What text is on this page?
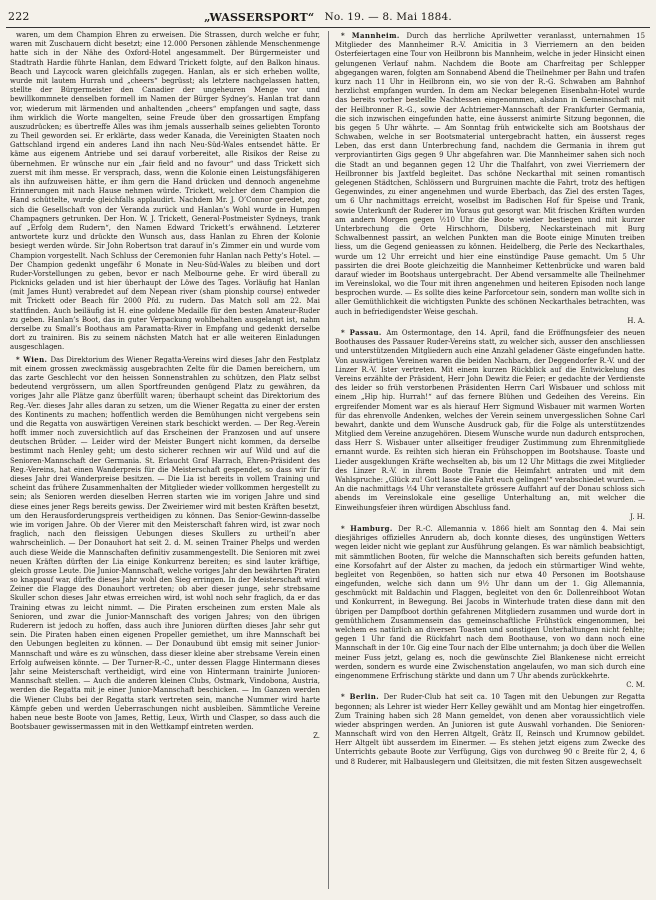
222	„WASSERSPORT“ No. 19. — 8. Mai 1884.

waren, um dem Champion Ehren zu erweisen. Die Strassen, durch welche er fuhr, waren mit Zuschauern dicht besetzt; eine 12.000 Personen zählende Menschenmenge hatte sich in der Nähe des Oxford-Hotel angesammelt. Der Bürgermeister und Stadtrath Hardie führte Hanlan, dem Edward Trickett folgte, auf den Balkon hinaus. Beach und Laycock waren gleichfalls zugegen. Hanlan, als er sich erheben wollte, wurde mit lautem Hurrah und „cheers“ begrüsst; als letztere nachgelassen hatten, stellte der Bürgermeister den Canadier der ungeheuren Menge vor und bewillkommnete denselben formell im Namen der Bürger Sydney’s. Hanlan trat dann vor, wiederum mit lärmenden und anhaltenden „cheers“ empfangen und sagte, dass ihm wirklich die Worte mangelten, seine Freude über den grossartigen Empfang auszudrücken; es übertreffe Alles was ihm jemals ausserhalb seines geliebten Toronto zu Theil geworden sei. Er erklärte, dass weder Kanada, die Vereinigten Staaten noch Gattschland irgend ein anderes Land ihn nach Neu-Süd-Wales entsendet hätte. Er käme aus eigenem Antriebe und sei darauf vorbereitet, alle Risikos der Reise zu übernehmen. Er wünsche nur ein „fair field and no favour“ und dass Trickett sich zuerst mit ihm messe. Er versprach, dass, wenn die Kolonie einen Leistungsfähigeren als ihn aufzuweisen hätte, er ihm gern die Hand drücken und dennoch angenehme Erinnerungen mit nach Hause nehmen würde. Trickett, welcher dem Champion die Hand schüttelte, wurde gleichfalls applaudirt. Nachdem Mr. J. O’Connor geredet, zog sich die Gesellschaft von der Veranda zurück und Hanlan’s Wohl wurde in Humpen Champagners getrunken. Der Hon. W. J. Trickett, General-Postmeister Sydneys, trank auf „Erfolg dem Rudern“, den Namen Edward Trickett’s erwähnend. Letzterer antwortete kurz und drückte den Wunsch aus, dass Hanlan zu Ehren der Kolonie besiegt werden würde. Sir John Robertson trat darauf in’s Zimmer ein und wurde vom Champion vorgestellt. Nach Schluss der Ceremonien fuhr Hanlan nach Petty’s Hotel. — Der Champion gedenkt ungefähr 6 Monate in Neu-Süd-Wales zu bleiben und dort Ruder-Vorstellungen zu geben, bevor er nach Melbourne gehe. Er wird überall zu Picknicks geladen und ist hier überhaupt der Löwe des Tages. Vorläufig hat Hanlan (mit James Hunt) verabredet auf dem Nepean river (sham pionship course) entweder mit Trickett oder Beach für 2000 Pfd. zu rudern. Das Match soll am 22. Mai stattfinden. Auch beiläufig ist H. eine goldene Medaille für den besten Amateur-Ruder zu geben. Hanlan’s Boot, das in guter Verpackung wohlbehalten ausgelangt ist, nahm derselbe zu Small’s Boothaus am Paramatta-River in Empfang und gedenkt derselbe dort zu trainiren. Bis zu seinem nächsten Match hat er alle weiteren Einladungen ausgeschlagen.

* Wien. Das Direktorium des Wiener Regatta-Vereins wird dieses Jahr den Festplatz mit einem grossen zweckmässig ausgebrachten Zelte für die Damen bereichern, um das zarte Geschlecht vor den heissen Sonnenstrahlen zu schützen, den Platz selbst bedeutend vergrössern, um allen Sportfreunden genügend Platz zu gewähren, da voriges Jahr alle Plätze ganz überfüllt waren; überhaupt scheint das Direktorium des Reg.-Ver. dieses Jahr alles daran zu setzen, um die Wiener Regatta zu einer der ersten des Kontinents zu machen; hoffentlich werden die Bemühungen nicht vergebens sein und die Regatta von auswärtigen Vereinen stark beschickt werden. — Der Reg.-Verein hofft immer noch zuversichtlich auf das Erscheinen der Franzosen und auf unsere deutschen Brüder. — Leider wird der Meister Bungert nicht kommen, da derselbe bestimmt nach Henley geht; um desto sicherer rechnen wir auf Wild und auf die Senioren-Mannschaft der Germania. St. Erlaucht Graf Harrach, Ehren-Präsident des Reg.-Vereins, hat einen Wanderpreis für die Meisterschaft gespendet, so dass wir für dieses Jahr drei Wanderpreise besitzen. — Die Lia ist bereits in vollem Training und scheint das frühere Zusammenhalten der Mitglieder wieder vollkommen hergestellt zu sein; als Senioren werden dieselben Herren starten wie im vorigen Jahre und sind diese eines jener Regs bereits gewiss. Der Zweiriemer wird mit besten Kräften besetzt, um den Herausforderungspreis vertheidigen zu können. Das Senior-Gewinn-dasselbe wie im vorigen Jahre. Ob der Vierer mit den Meisterschaft fahren wird, ist zwar noch fraglich, nach den fleissigen Uebungen dieses Skullers zu urtheil’n aber wahrscheinlich. — Der Donauhort hat seit 2. d. M. seinen Trainer Phelps und werden auch diese Weide die Mannschaften definitiv zusammengestellt. Die Senioren mit zwei neuen Kräften dürften der Lia einige Konkurrenz bereiten; es sind lauter kräftige, gleich grosse Leute. Die Junior-Mannschaft, welche voriges Jahr den bewährten Piraten so knappauf war, dürfte dieses Jahr wohl den Sieg erringen. In der Meisterschaft wird Zeiner die Flagge des Donauhort vertreten; ob aber dieser junge, sehr strebsame Skuller schon dieses Jahr etwas erreichen wird, ist wohl noch sehr fraglich, da er das Training etwas zu leicht nimmt. — Die Piraten erscheinen zum ersten Male als Senioren, und zwar die Junior-Mannschaft des vorigen Jahres; von den übrigen Ruderern ist jedoch zu hoffen, dass auch ihre Junioren dürften dieses Jahr sehr gut sein. Die Piraten haben einen eigenen Propeller gemiethet, um ihre Mannschaft bei den Uebungen begleiten zu können. — Der Donaubund übt emsig mit seiner Junior-Mannschaft und wäre es zu wünschen, dass dieser kleine aber strebsame Verein einen Erfolg aufweisen könnte. — Der Turner-R.-C., unter dessen Flagge Hintermann dieses Jahr seine Meisterschaft vertheidigt, wird eine von Hintermann trainirte Junioren-Mannschaft stellen. — Auch die anderen kleinen Clubs, Ostmark, Vindobona, Austria, werden die Regatta mit je einer Junior-Mannschaft beschicken. — Im Ganzen werden die Wiener Clubs bei der Regatta stark vertreten sein, manche Nummer wird harte Kämpfe geben und werden Ueberraschungen nicht ausbleiben. Sämmtliche Vereine haben neue beste Boote von James, Rettig, Leux, Wirth und Clasper, so dass auch die Bootsbauer gewissermassen mit in den Wettkampf eintreten werden.

Z.

* Mannheim. Durch das herrliche Aprilwetter veranlasst, unternahmen 15 Mitglieder des Mannheimer R.-V. Amicitia in 3 Vierriemern an den beiden Osterfeiertagen eine Tour von Heilbronn bis Mannheim, welche in jeder Hinsicht einen gelungenen Verlauf nahm. Nachdem die Boote am Charfreitag per Schlepper abgegangen waren, folgten am Sonnabend Abend die Theilnehmer per Bahn und trafen kurz nach 11 Uhr in Heilbronn ein, wo sie von der R.-G. Schwaben am Bahnhof herzlichst empfangen wurden. In dem am Neckar belegenen Eisenbahn-Hotel wurde das bereits vorher bestellte Nachtessen eingenommen, alsdann in Gemeinschaft mit der Heilbronner R.-G., sowie der Achtriemer-Mannschaft der Frankfurter Germania, die sich inzwischen eingefunden hatte, eine äusserst animirte Sitzung begonnen, die bis gegen 5 Uhr währte. — Am Sonntag früh entwickelte sich am Bootshaus der Schwaben, welche in ser Bootsmaterial untergebracht hatten, ein äusserst reges Leben, das erst dann Unterbrechung fand, nachdem die Germania in ihrem gut verproviantirten Gigs gegen 9 Uhr abgefahren war. Die Mannheimer sahen sich noch die Stadt an und begannen gegen 12 Uhr die Thalfahrt, von zwei Vierriemern der Heilbronner bis Jaxtfeld begleitet. Das schöne Neckarthal mit seinen romantisch gelegenen Städtchen, Schlössern und Burgruinen machte die Fahrt, trotz des heftigen Gegenwindes, zu einer angenehmen und wurde Eberbach, das Ziel des ersten Tages, um 6 Uhr nachmittags erreicht, woselbst im Badischen Hof für Speise und Trank, sowie Unterkunft der Ruderer im Voraus gut gesorgt war. Mit frischen Kräften wurden am andern Morgen gegen ½10 Uhr die Boote wieder bestiegen und mit kurzer Unterbrechung die Orte Hirschhorn, Dilsberg, Neckarsteinach mit Burg Schwalbennest passirt, an welchen Punkten man die Boote einige Minuten treiben liess, um die Gegend genieassen zu können. Heidelberg, die Perle des Neckarthales, wurde um 12 Uhr erreicht und hier eine einstündige Pause gemacht. Um 5 Uhr passirten die drei Boote gleichzeitig die Mannheimer Kettenbrücke und waren bald darauf wieder im Bootshaus untergebracht. Der Abend versammelte alle Theilnehmer im Vereinslokal, wo die Tour mit ihren angenehmen und heiteren Episoden noch lange besprochen wurde. — Es sollte dies keine Parforcetour sein, sondern man wollte sich in aller Gemüthlichkeit die wichtigsten Punkte des schönen Neckarthales betrachten, was auch in befriedigendster Weise geschah.

H. A.

* Passau. Am Ostermontage, den 14. April, fand die Eröffnungsfeier des neuen Boothauses des Passauer Ruder-Vereins statt, zu welcher sich, ausser den anschliessen und unterstützenden Mitgliedern auch eine Anzahl geladener Gäste eingefunden hatte. Von auswärtigen Vereinen waren die beiden Nachbarn, der Deggendorfer R.-V. und der Linzer R.-V. Ister vertreten. Mit einem kurzen Rückblick auf die Entwickelung des Vereins erzählte der Präsident, Herr John Dewitz die Feier; er gedachte der Verdienste des leider so früh verstorbenen Präsidenten Herrn Carl Wisbauer und schloss mit einem „Hip hip. Hurrah!“ auf das fernere Blühen und Gedeihen des Vereins. Ein ergreifender Moment war es als hierauf Herr Sigmund Wisbauer mit warmen Worten für das ehrenvolle Andenken, welches der Verein seinem unvergesslichen Sohne Carl bewahrt, dankte und dem Wunsche Ausdruck gab, für die Folge als unterstützendes Mitglied dem Vereine anzugehören. Diesem Wunsche wurde nun dadurch entsprochen, dass Herr S. Wisbauer unter allseitiger freudiger Zustimmung zum Ehrenmitgliede ernannt wurde. Es reihten sich hieran ein Frühschoppen im Bootshause. Toaste und Lieder ausgeklungen Kräfte wechselten ab, bis um 12 Uhr Mittags die zwei Mitglieder des Linzer R.-V. in ihrem Boote Tranie die Heimfahrt antraten und mit dem Wahlspruche: „Glück zu! Gott lasse die Fahrt euch gelingen!“ verabschiedet wurden. — An die nachmittags ½4 Uhr veranstaltete grössere Auffahrt auf der Donau schloss sich abends im Vereinslokale eine gesellige Unterhaltung an, mit welcher die Einweihungsfeier ihren würdigen Abschluss fand.

J. H.

* Hamburg. Der R.-C. Allemannia v. 1866 hielt am Sonntag den 4. Mai sein diesjähriges offizielles Anrudern ab, doch konnte dieses, des ungünstigen Wetters wegen leider nicht wie geplant zur Ausführung gelangen. Es war nämlich beabsichtigt, mit sämmtlichen Booten, für welche die Mannschaften sich bereits gefunden hatten, eine Korsofahrt auf der Alster zu machen, da jedoch ein stürmartiger Wind wehte, begleitet von Regenböen, so hatten sich nur etwa 40 Personen im Bootshause eingefunden, welche sich dann um 9½ Uhr dann um der 1. Gig Allemannia, geschmückt mit Baldachin und Flaggen, begleitet von den 6r. Dollenreihboot Wotan und Konkurrent, in Bewegung. Bei Jacobs in Winterhude traten diese dann mit den übrigen per Dampfboot dorthin gefahrenen Mitgliedern zusammen und wurde dort in gemüthlichem Zusammensein das gemeinschaftliche Frühstück eingenommen, bei welchem es natürlich an diversen Toasten und sonstigen Unterhaltungen nicht fehlte; gegen 1 Uhr fand die Rückfahrt nach dem Boothause, von wo dann noch eine Mannschaft in der 10r. Gig eine Tour nach der Elbe unternahm; ja doch über die Wellen meiner Fuss jetzt, gelang es, noch die gewünschte Ziel Blankenese nicht erreicht werden, sondern es wurde eine Zwischenstation angelaufen, wo man sich durch eine eingenommene Erfrischung stärkte und dann um 7 Uhr abends zurückkehrte.

C. M.

* Berlin. Der Ruder-Club hat seit ca. 10 Tagen mit den Uebungen zur Regatta begonnen; als Lehrer ist wieder Herr Kelley gewählt und am Montag hier eingetroffen. Zum Training haben sich 28 Mann gemeldet, von denen aber voraussichtlich viele wieder abspringen werden. An Junioren ist gute Auswahl vorhanden. Die Senioren-Mannschaft wird von den Herren Altgelt, Grätz II, Reinsch und Krumnow gebildet. Herr Altgelt übt ausserdem im Einermer. — Es stehen jetzt eigens zum Zwecke des Unterrichts gebaute Boote zur Verfügung, Gigs von durchweg 90 c Breite für 2, 4, 6 und 8 Ruderer, mit Halbauslegern und Gleitsitzen, die mit festen Sitzen ausgewechselt
